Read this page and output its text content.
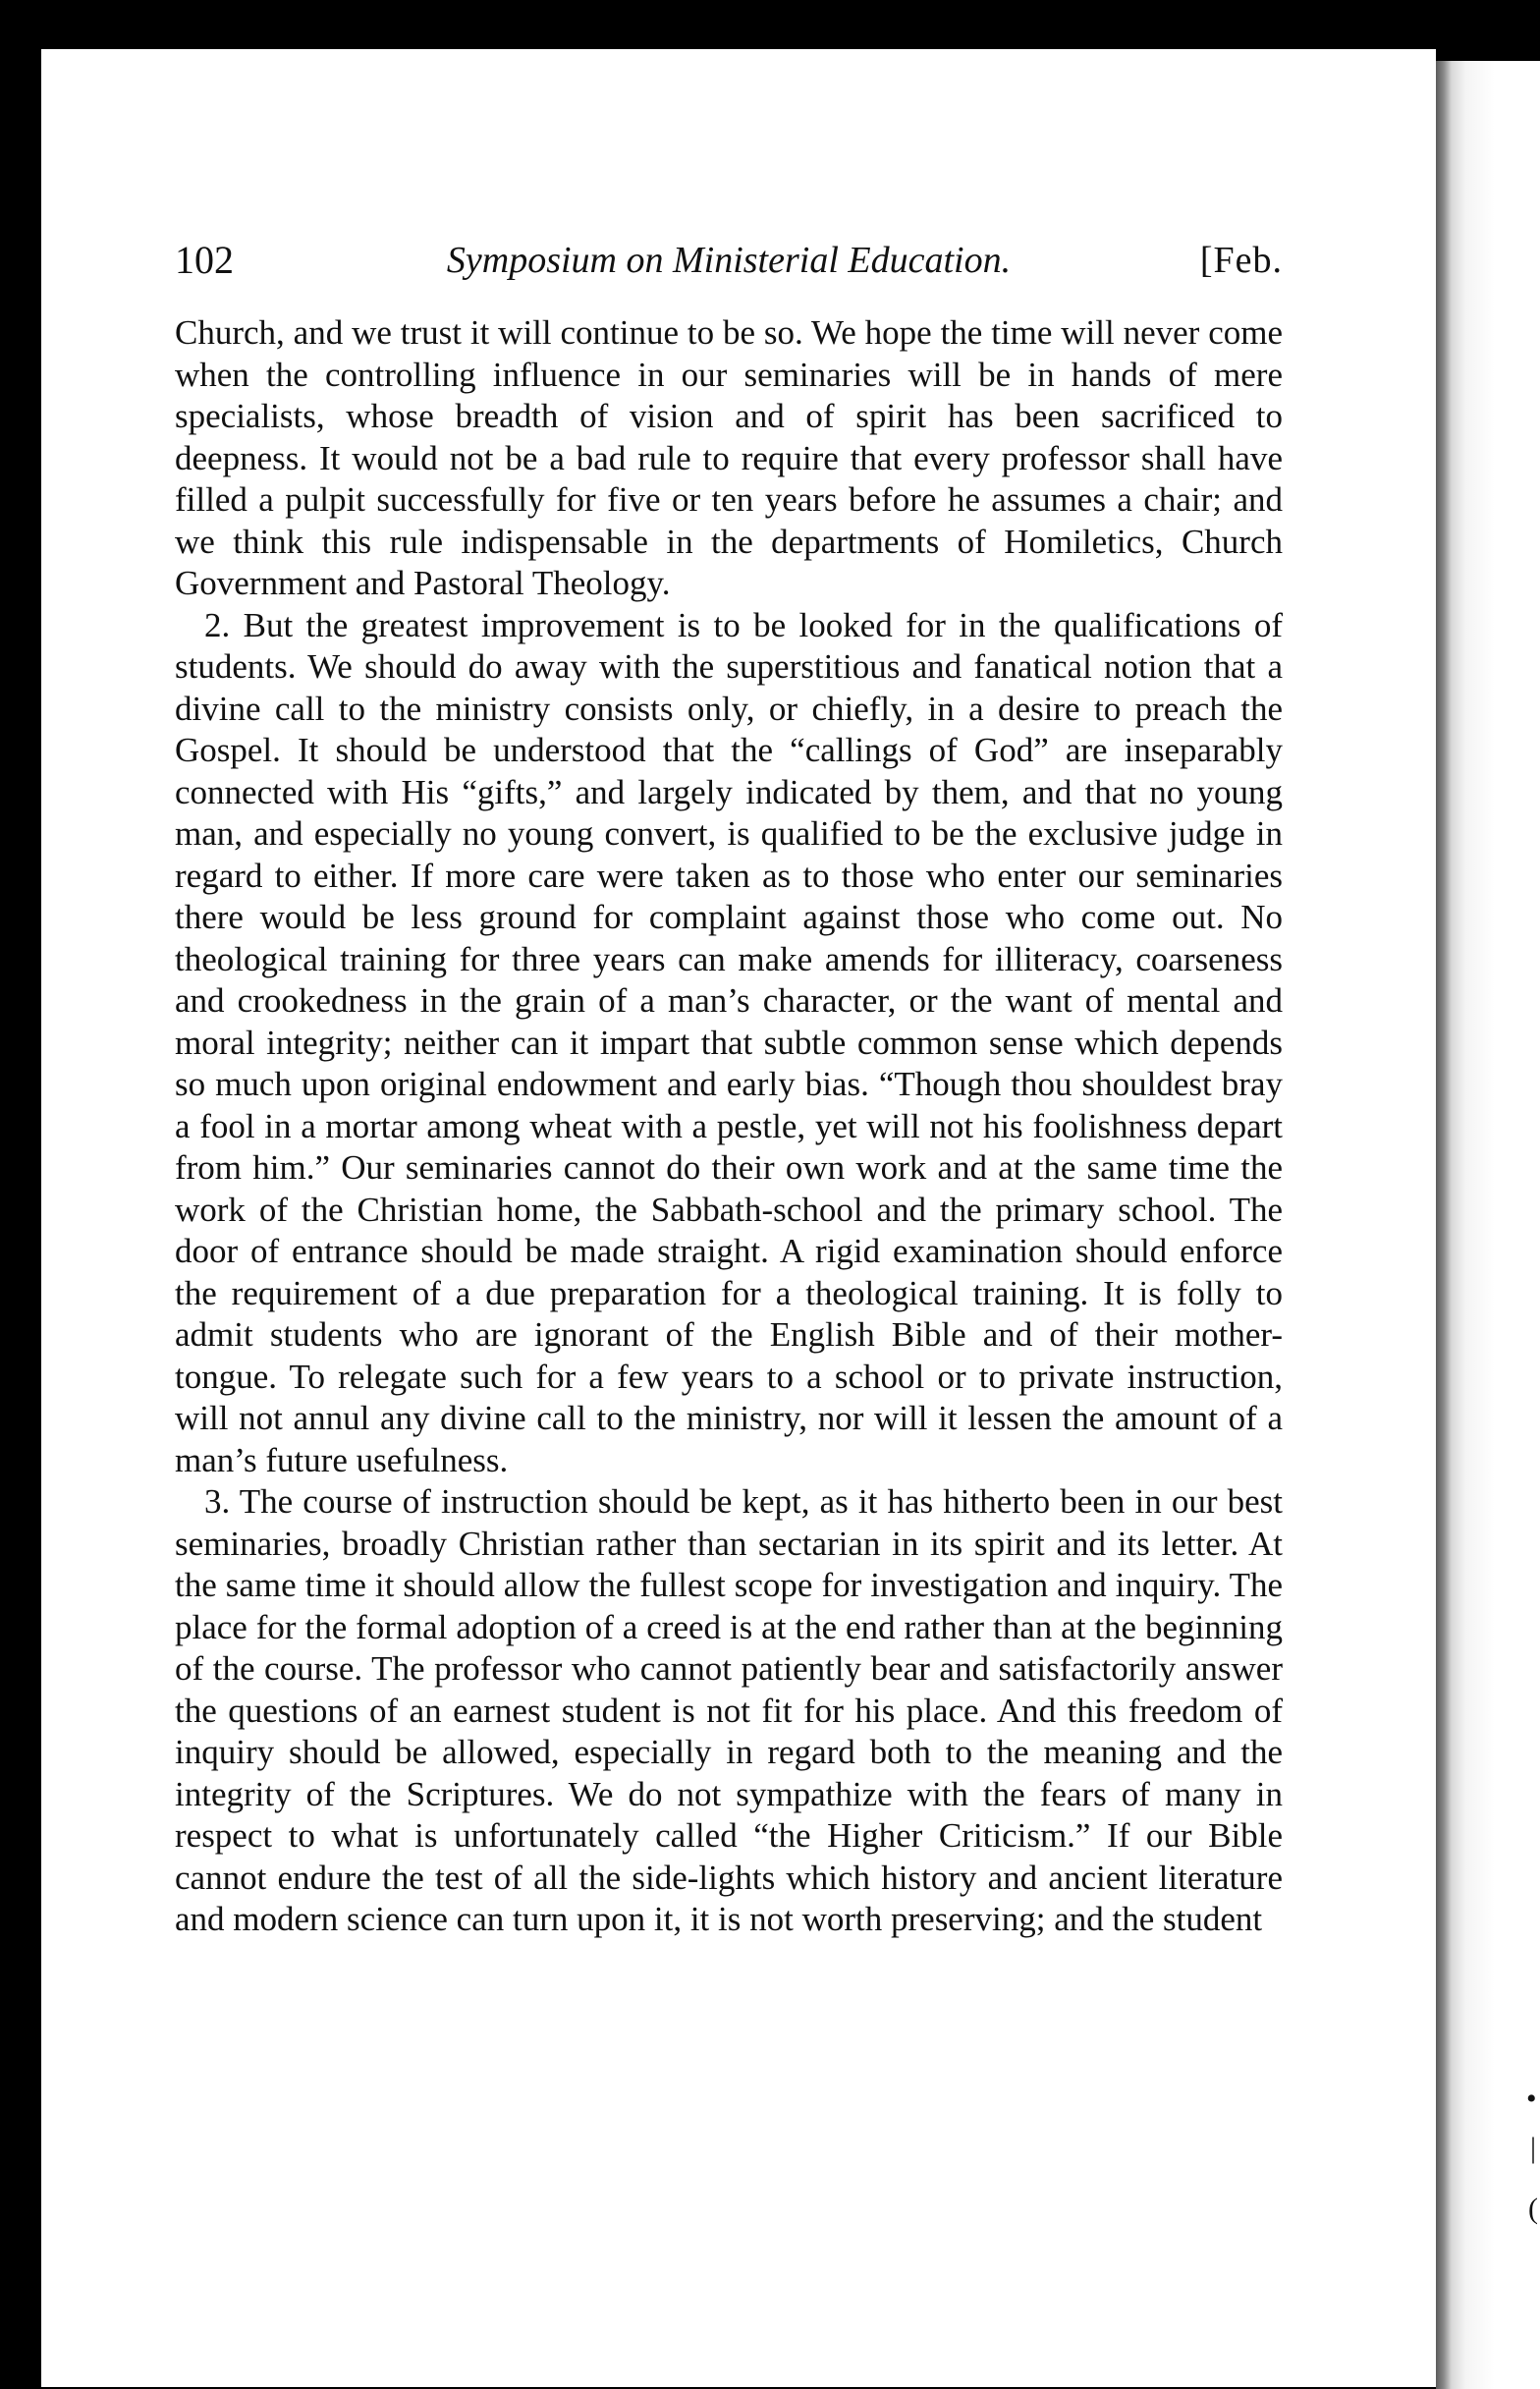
•
|
(
102	Symposium on Ministerial Education.	[Feb.

Church, and we trust it will continue to be so. We hope the time will never come when the controlling influence in our seminaries will be in hands of mere specialists, whose breadth of vision and of spirit has been sacrificed to deepness. It would not be a bad rule to require that every professor shall have filled a pulpit successfully for five or ten years before he assumes a chair; and we think this rule indispensable in the departments of Homiletics, Church Government and Pastoral Theology.

2. But the greatest improvement is to be looked for in the qualifications of students. We should do away with the superstitious and fanatical notion that a divine call to the ministry consists only, or chiefly, in a desire to preach the Gospel. It should be understood that the “callings of God” are inseparably connected with His “gifts,” and largely indicated by them, and that no young man, and especially no young convert, is qualified to be the exclusive judge in regard to either. If more care were taken as to those who enter our seminaries there would be less ground for complaint against those who come out. No theological training for three years can make amends for illiteracy, coarseness and crookedness in the grain of a man’s character, or the want of mental and moral integrity; neither can it impart that subtle common sense which depends so much upon original endowment and early bias. “Though thou shouldest bray a fool in a mortar among wheat with a pestle, yet will not his foolishness depart from him.” Our seminaries cannot do their own work and at the same time the work of the Christian home, the Sabbath-school and the primary school. The door of entrance should be made straight. A rigid examination should enforce the requirement of a due preparation for a theological training. It is folly to admit students who are ignorant of the English Bible and of their mother-tongue. To relegate such for a few years to a school or to private instruction, will not annul any divine call to the ministry, nor will it lessen the amount of a man’s future usefulness.

3. The course of instruction should be kept, as it has hitherto been in our best seminaries, broadly Christian rather than sectarian in its spirit and its letter. At the same time it should allow the fullest scope for investigation and inquiry. The place for the formal adoption of a creed is at the end rather than at the beginning of the course. The professor who cannot patiently bear and satisfactorily answer the questions of an earnest student is not fit for his place. And this freedom of inquiry should be allowed, especially in regard both to the meaning and the integrity of the Scriptures. We do not sympathize with the fears of many in respect to what is unfortunately called “the Higher Criticism.” If our Bible cannot endure the test of all the side-lights which history and ancient literature and modern science can turn upon it, it is not worth preserving; and the student
